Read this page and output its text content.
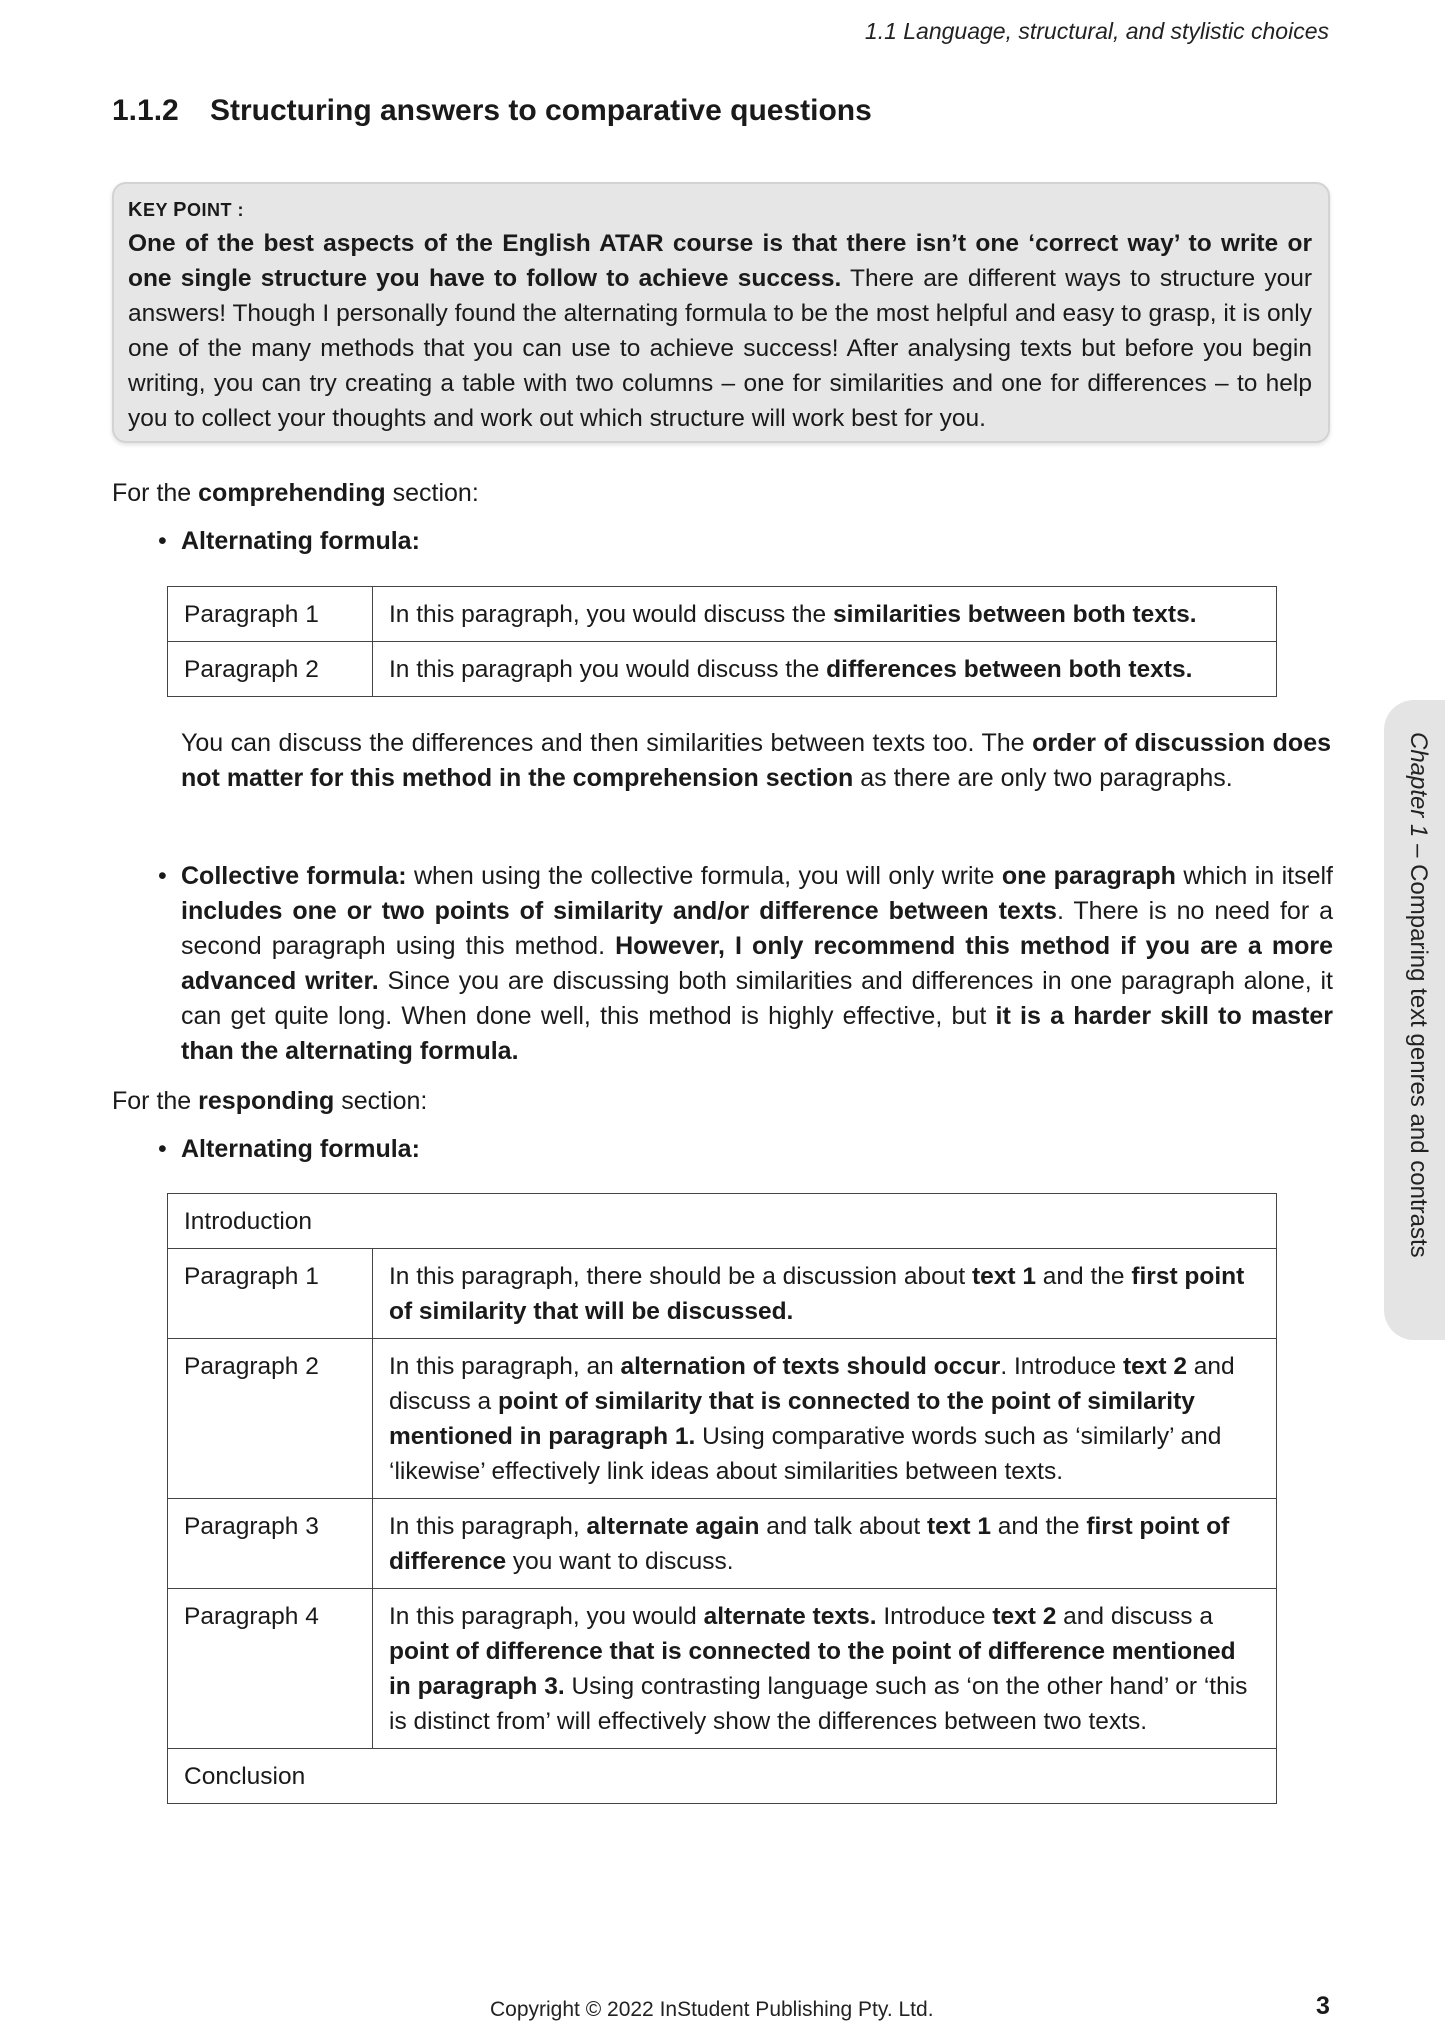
1.1 Language, structural, and stylistic choices
1.1.2 Structuring answers to comparative questions
KEY POINT :
One of the best aspects of the English ATAR course is that there isn’t one ‘correct way’ to write or one single structure you have to follow to achieve success. There are different ways to structure your answers! Though I personally found the alternating formula to be the most helpful and easy to grasp, it is only one of the many methods that you can use to achieve success! After analysing texts but before you begin writing, you can try creating a table with two columns – one for similarities and one for differences – to help you to collect your thoughts and work out which structure will work best for you.
For the comprehending section:
• Alternating formula:
Paragraph 1	In this paragraph, you would discuss the similarities between both texts.
Paragraph 2	In this paragraph you would discuss the differences between both texts.
You can discuss the differences and then similarities between texts too. The order of discussion does not matter for this method in the comprehension section as there are only two paragraphs.
• Collective formula: when using the collective formula, you will only write one paragraph which in itself includes one or two points of similarity and/or difference between texts. There is no need for a second paragraph using this method. However, I only recommend this method if you are a more advanced writer. Since you are discussing both similarities and differences in one paragraph alone, it can get quite long. When done well, this method is highly effective, but it is a harder skill to master than the alternating formula.
For the responding section:
• Alternating formula:
Introduction	
Paragraph 1	In this paragraph, there should be a discussion about text 1 and the first point of similarity that will be discussed.
Paragraph 2	In this paragraph, an alternation of texts should occur. Introduce text 2 and discuss a point of similarity that is connected to the point of similarity mentioned in paragraph 1. Using comparative words such as ‘similarly’ and ‘likewise’ effectively link ideas about similarities between texts.
Paragraph 3	In this paragraph, alternate again and talk about text 1 and the first point of difference you want to discuss.
Paragraph 4	In this paragraph, you would alternate texts. Introduce text 2 and discuss a point of difference that is connected to the point of difference mentioned in paragraph 3. Using contrasting language such as ‘on the other hand’ or ‘this is distinct from’ will effectively show the differences between two texts.
Conclusion	
Chapter 1 – Comparing text genres and contrasts
Copyright © 2022 InStudent Publishing Pty. Ltd.	3
